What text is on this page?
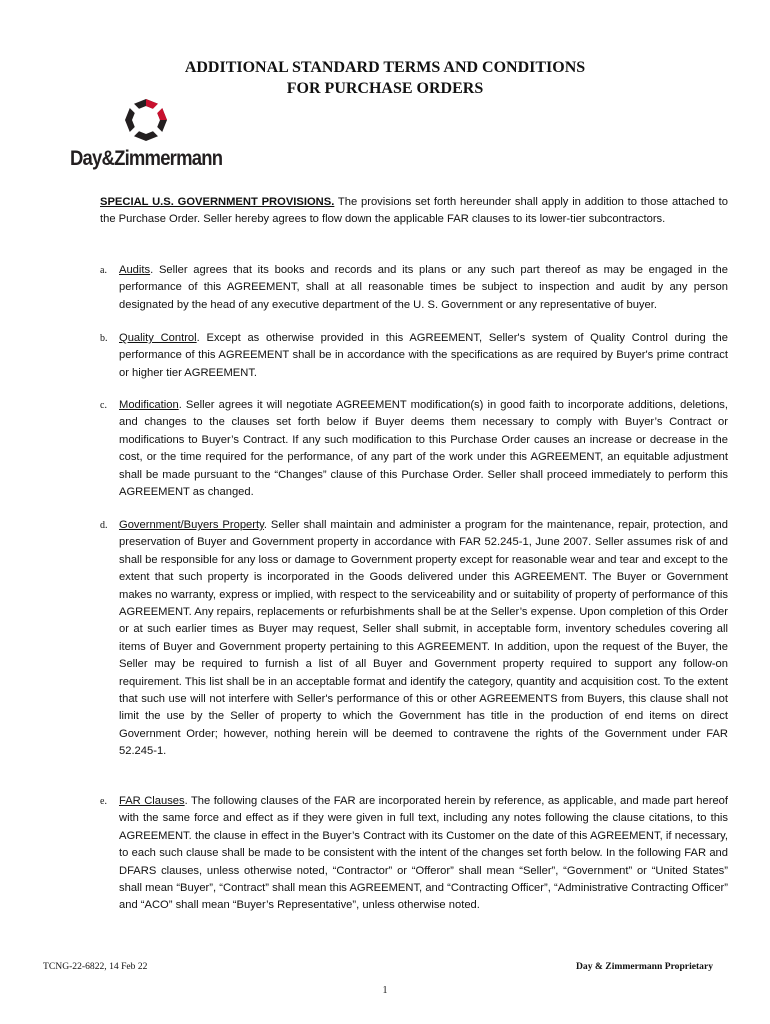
ADDITIONAL STANDARD TERMS AND CONDITIONS
FOR PURCHASE ORDERS
Day&Zimmermann
SPECIAL U.S. GOVERNMENT PROVISIONS. The provisions set forth hereunder shall apply in addition to those attached to the Purchase Order. Seller hereby agrees to flow down the applicable FAR clauses to its lower-tier subcontractors.
a. Audits. Seller agrees that its books and records and its plans or any such part thereof as may be engaged in the performance of this AGREEMENT, shall at all reasonable times be subject to inspection and audit by any person designated by the head of any executive department of the U. S. Government or any representative of buyer.
b. Quality Control. Except as otherwise provided in this AGREEMENT, Seller's system of Quality Control during the performance of this AGREEMENT shall be in accordance with the specifications as are required by Buyer's prime contract or higher tier AGREEMENT.
c. Modification. Seller agrees it will negotiate AGREEMENT modification(s) in good faith to incorporate additions, deletions, and changes to the clauses set forth below if Buyer deems them necessary to comply with Buyer’s Contract or modifications to Buyer’s Contract. If any such modification to this Purchase Order causes an increase or decrease in the cost, or the time required for the performance, of any part of the work under this AGREEMENT, an equitable adjustment shall be made pursuant to the “Changes” clause of this Purchase Order. Seller shall proceed immediately to perform this AGREEMENT as changed.
d. Government/Buyers Property. Seller shall maintain and administer a program for the maintenance, repair, protection, and preservation of Buyer and Government property in accordance with FAR 52.245-1, June 2007. Seller assumes risk of and shall be responsible for any loss or damage to Government property except for reasonable wear and tear and except to the extent that such property is incorporated in the Goods delivered under this AGREEMENT. The Buyer or Government makes no warranty, express or implied, with respect to the serviceability and or suitability of property of performance of this AGREEMENT. Any repairs, replacements or refurbishments shall be at the Seller’s expense. Upon completion of this Order or at such earlier times as Buyer may request, Seller shall submit, in acceptable form, inventory schedules covering all items of Buyer and Government property pertaining to this AGREEMENT. In addition, upon the request of the Buyer, the Seller may be required to furnish a list of all Buyer and Government property required to support any follow-on requirement. This list shall be in an acceptable format and identify the category, quantity and acquisition cost. To the extent that such use will not interfere with Seller's performance of this or other AGREEMENTS from Buyers, this clause shall not limit the use by the Seller of property to which the Government has title in the production of end items on direct Government Order; however, nothing herein will be deemed to contravene the rights of the Government under FAR 52.245-1.
e. FAR Clauses. The following clauses of the FAR are incorporated herein by reference, as applicable, and made part hereof with the same force and effect as if they were given in full text, including any notes following the clause citations, to this AGREEMENT. the clause in effect in the Buyer’s Contract with its Customer on the date of this AGREEMENT, if necessary, to each such clause shall be made to be consistent with the intent of the changes set forth below. In the following FAR and DFARS clauses, unless otherwise noted, “Contractor” or “Offeror” shall mean “Seller”, “Government” or “United States” shall mean “Buyer”, “Contract” shall mean this AGREEMENT, and “Contracting Officer”, “Administrative Contracting Officer” and “ACO” shall mean “Buyer’s Representative”, unless otherwise noted.
TCNG-22-6822, 14 Feb 22	Day & Zimmermann Proprietary
1
